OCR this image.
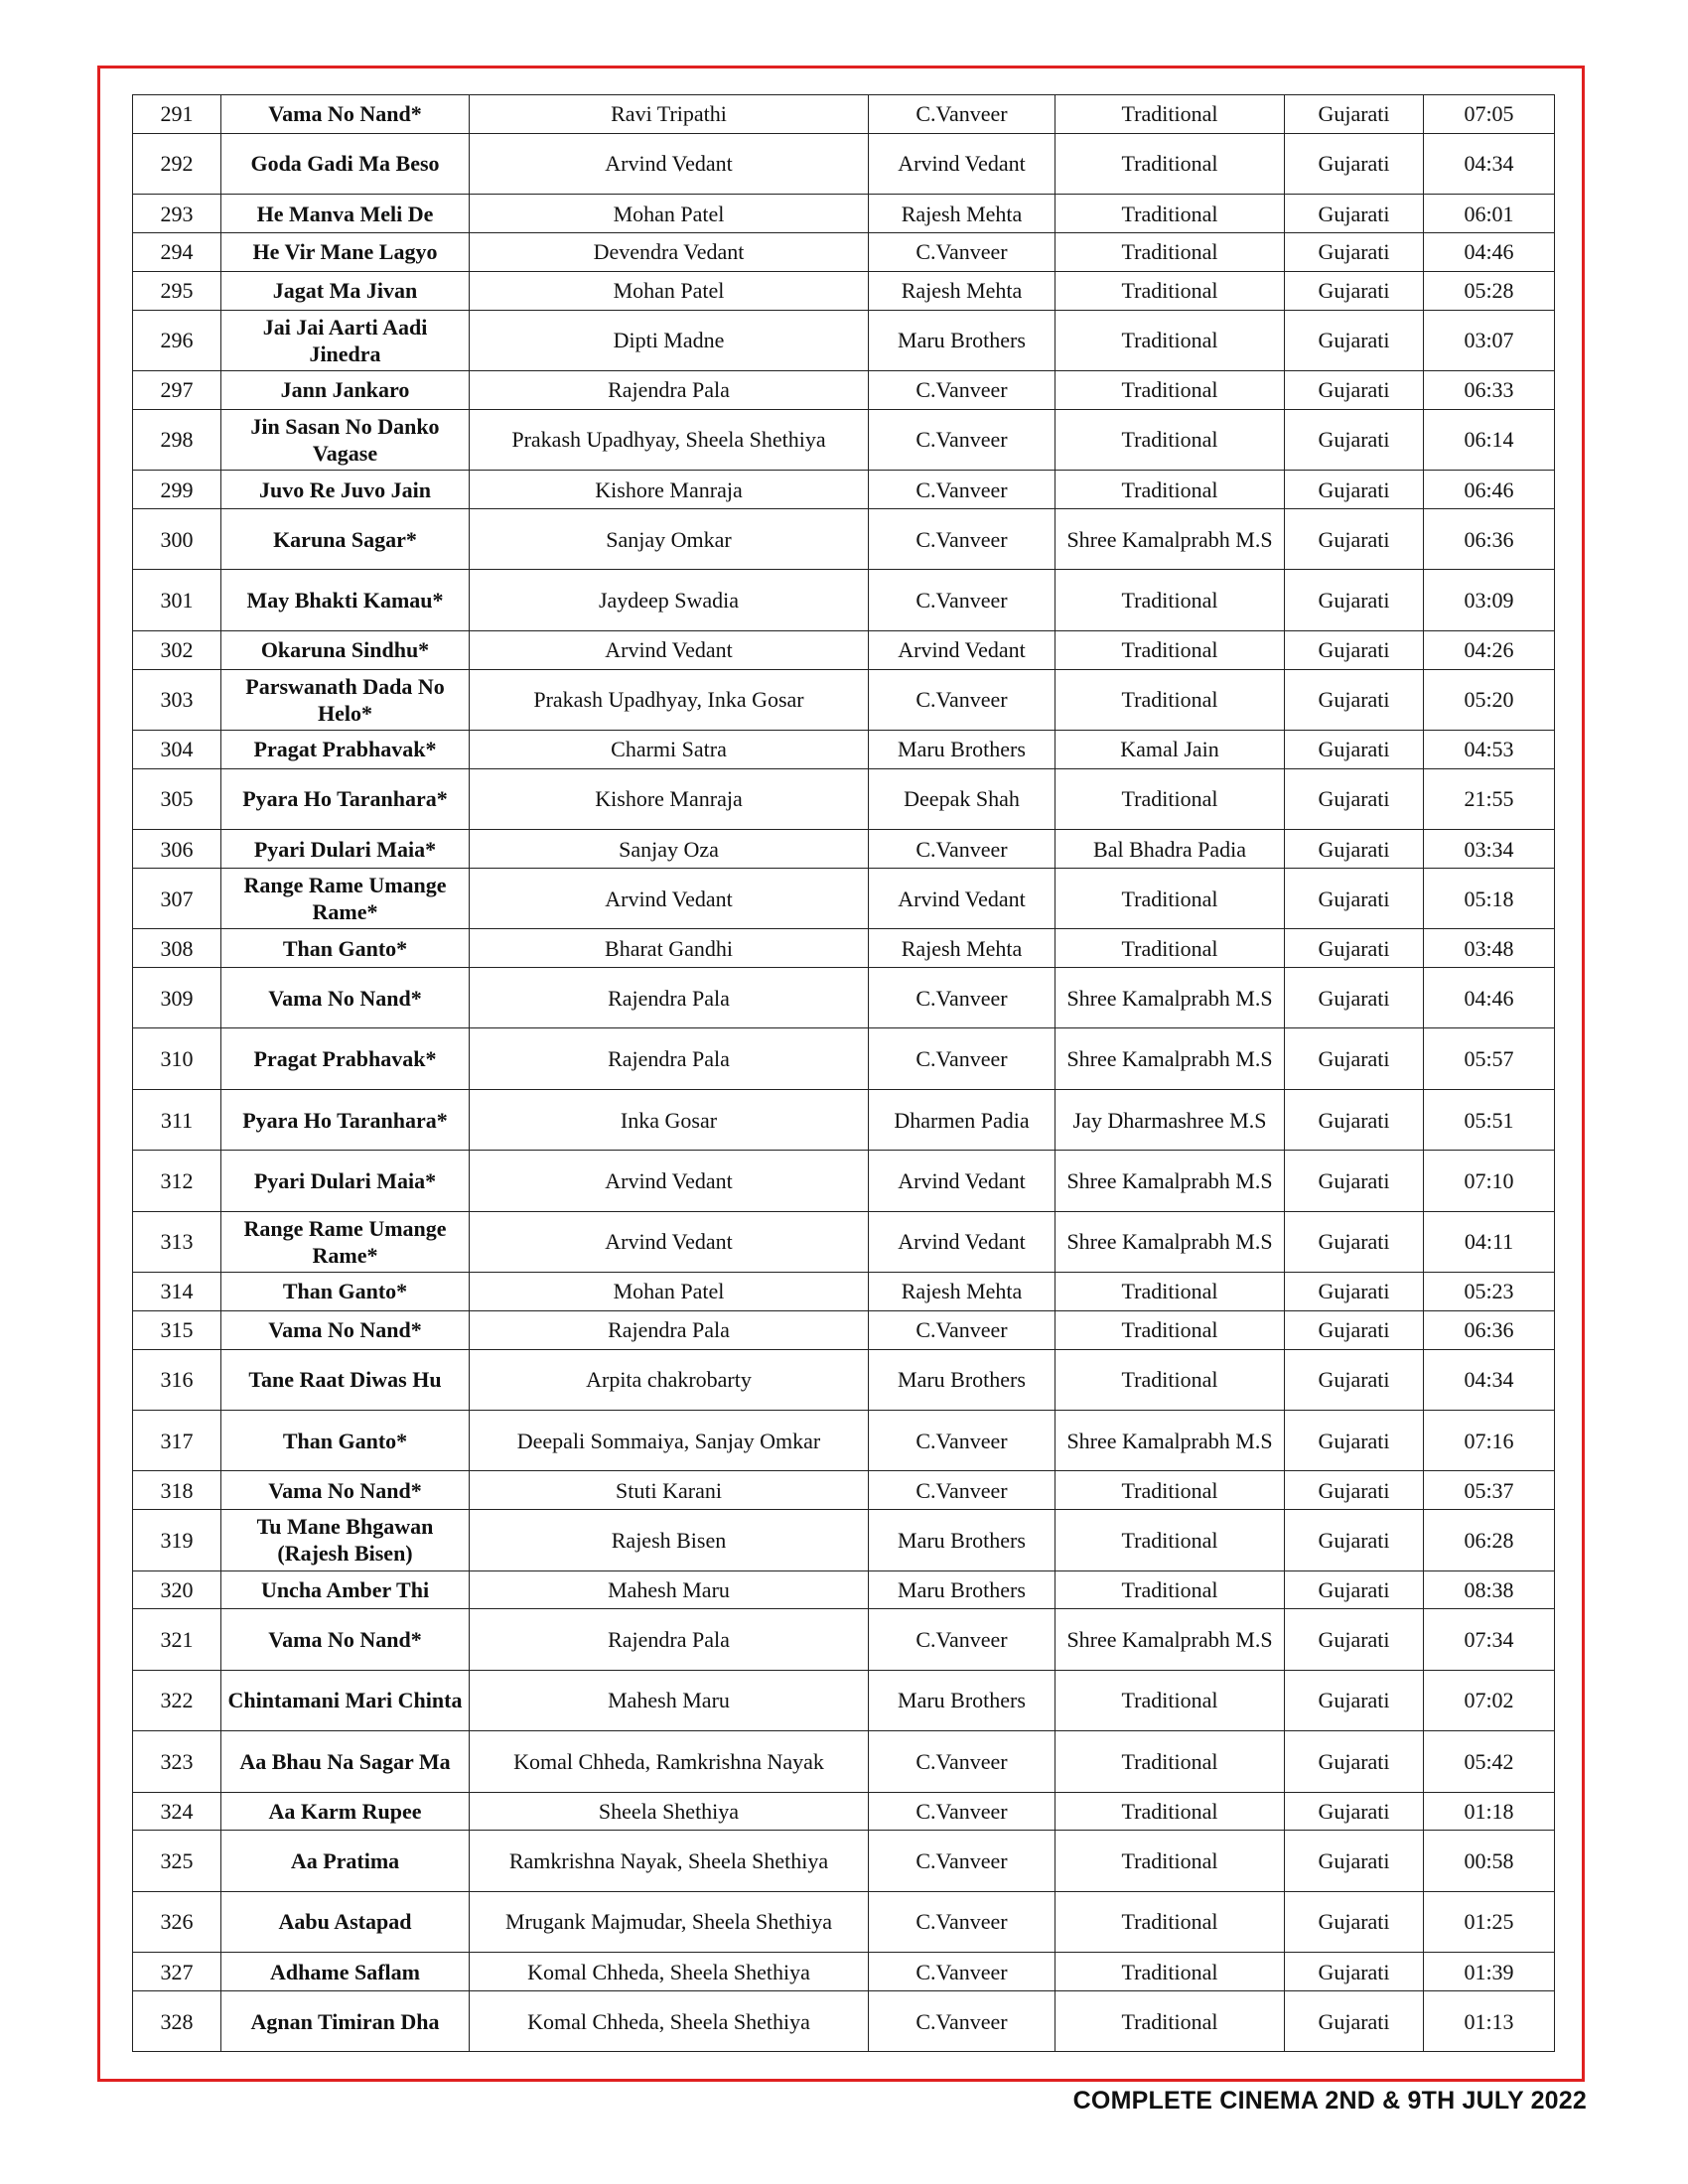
291	Vama No Nand*	Ravi Tripathi	C.Vanveer	Traditional	Gujarati	07:05
292	Goda Gadi Ma Beso	Arvind Vedant	Arvind Vedant	Traditional	Gujarati	04:34
293	He Manva Meli De	Mohan Patel	Rajesh Mehta	Traditional	Gujarati	06:01
294	He Vir Mane Lagyo	Devendra Vedant	C.Vanveer	Traditional	Gujarati	04:46
295	Jagat Ma Jivan	Mohan Patel	Rajesh Mehta	Traditional	Gujarati	05:28
296	Jai Jai Aarti Aadi Jinedra	Dipti Madne	Maru Brothers	Traditional	Gujarati	03:07
297	Jann Jankaro	Rajendra Pala	C.Vanveer	Traditional	Gujarati	06:33
298	Jin Sasan No Danko Vagase	Prakash Upadhyay, Sheela Shethiya	C.Vanveer	Traditional	Gujarati	06:14
299	Juvo Re Juvo Jain	Kishore Manraja	C.Vanveer	Traditional	Gujarati	06:46
300	Karuna Sagar*	Sanjay Omkar	C.Vanveer	Shree Kamalprabh M.S	Gujarati	06:36
301	May Bhakti Kamau*	Jaydeep Swadia	C.Vanveer	Traditional	Gujarati	03:09
302	Okaruna Sindhu*	Arvind Vedant	Arvind Vedant	Traditional	Gujarati	04:26
303	Parswanath Dada No Helo*	Prakash Upadhyay, Inka Gosar	C.Vanveer	Traditional	Gujarati	05:20
304	Pragat Prabhavak*	Charmi Satra	Maru Brothers	Kamal Jain	Gujarati	04:53
305	Pyara Ho Taranhara*	Kishore Manraja	Deepak Shah	Traditional	Gujarati	21:55
306	Pyari Dulari Maia*	Sanjay Oza	C.Vanveer	Bal Bhadra Padia	Gujarati	03:34
307	Range Rame Umange Rame*	Arvind Vedant	Arvind Vedant	Traditional	Gujarati	05:18
308	Than Ganto*	Bharat Gandhi	Rajesh Mehta	Traditional	Gujarati	03:48
309	Vama No Nand*	Rajendra Pala	C.Vanveer	Shree Kamalprabh M.S	Gujarati	04:46
310	Pragat Prabhavak*	Rajendra Pala	C.Vanveer	Shree Kamalprabh M.S	Gujarati	05:57
311	Pyara Ho Taranhara*	Inka Gosar	Dharmen Padia	Jay Dharmashree M.S	Gujarati	05:51
312	Pyari Dulari Maia*	Arvind Vedant	Arvind Vedant	Shree Kamalprabh M.S	Gujarati	07:10
313	Range Rame Umange Rame*	Arvind Vedant	Arvind Vedant	Shree Kamalprabh M.S	Gujarati	04:11
314	Than Ganto*	Mohan Patel	Rajesh Mehta	Traditional	Gujarati	05:23
315	Vama No Nand*	Rajendra Pala	C.Vanveer	Traditional	Gujarati	06:36
316	Tane Raat Diwas Hu	Arpita chakrobarty	Maru Brothers	Traditional	Gujarati	04:34
317	Than Ganto*	Deepali Sommaiya, Sanjay Omkar	C.Vanveer	Shree Kamalprabh M.S	Gujarati	07:16
318	Vama No Nand*	Stuti Karani	C.Vanveer	Traditional	Gujarati	05:37
319	Tu Mane Bhgawan (Rajesh Bisen)	Rajesh Bisen	Maru Brothers	Traditional	Gujarati	06:28
320	Uncha Amber Thi	Mahesh Maru	Maru Brothers	Traditional	Gujarati	08:38
321	Vama No Nand*	Rajendra Pala	C.Vanveer	Shree Kamalprabh M.S	Gujarati	07:34
322	Chintamani Mari Chinta	Mahesh Maru	Maru Brothers	Traditional	Gujarati	07:02
323	Aa Bhau Na Sagar Ma	Komal Chheda, Ramkrishna Nayak	C.Vanveer	Traditional	Gujarati	05:42
324	Aa Karm Rupee	Sheela Shethiya	C.Vanveer	Traditional	Gujarati	01:18
325	Aa Pratima	Ramkrishna Nayak, Sheela Shethiya	C.Vanveer	Traditional	Gujarati	00:58
326	Aabu Astapad	Mrugank Majmudar, Sheela Shethiya	C.Vanveer	Traditional	Gujarati	01:25
327	Adhame Saflam	Komal Chheda, Sheela Shethiya	C.Vanveer	Traditional	Gujarati	01:39
328	Agnan Timiran Dha	Komal Chheda, Sheela Shethiya	C.Vanveer	Traditional	Gujarati	01:13
COMPLETE CINEMA 2ND & 9TH JULY 2022
